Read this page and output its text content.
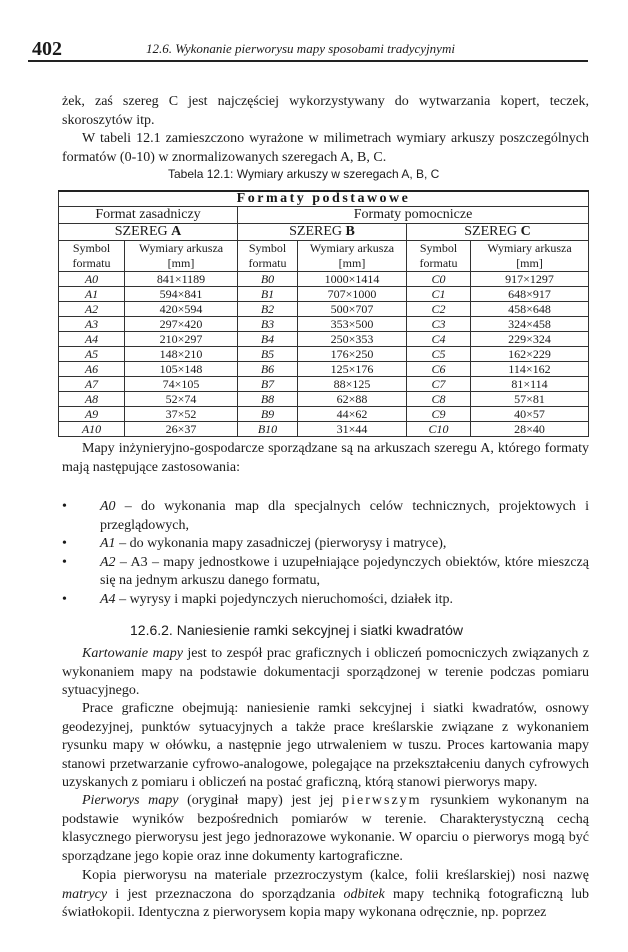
402	12.6. Wykonanie pierworysu mapy sposobami tradycyjnymi

żek, zaś szereg C jest najczęściej wykorzystywany do wytwarzania kopert, teczek, skoroszytów itp.

W tabeli 12.1 zamieszczono wyrażone w milimetrach wymiary arkuszy poszczególnych formatów (0-10) w znormalizowanych szeregach A, B, C.

Tabela 12.1: Wymiary arkuszy w szeregach A, B, C
Formaty podstawowe					
Format zasadniczy		Formaty pomocnicze			
SZEREG A		SZEREG B		SZEREG C	
Symbol formatu	Wymiary arkusza [mm]	Symbol formatu	Wymiary arkusza [mm]	Symbol formatu	Wymiary arkusza [mm]
A0	841×1189	B0	1000×1414	C0	917×1297
A1	594×841	B1	707×1000	C1	648×917
A2	420×594	B2	500×707	C2	458×648
A3	297×420	B3	353×500	C3	324×458
A4	210×297	B4	250×353	C4	229×324
A5	148×210	B5	176×250	C5	162×229
A6	105×148	B6	125×176	C6	114×162
A7	74×105	B7	88×125	C7	81×114
A8	52×74	B8	62×88	C8	57×81
A9	37×52	B9	44×62	C9	40×57
A10	26×37	B10	31×44	C10	28×40

Mapy inżynieryjno-gospodarcze sporządzane są na arkuszach szeregu A, którego formaty mają następujące zastosowania:

• A0 – do wykonania map dla specjalnych celów technicznych, projektowych i przeglądowych,
• A1 – do wykonania mapy zasadniczej (pierworysy i matryce),
• A2 – A3 – mapy jednostkowe i uzupełniające pojedynczych obiektów, które mieszczą się na jednym arkuszu danego formatu,
• A4 – wyrysy i mapki pojedynczych nieruchomości, działek itp.
12.6.2. Naniesienie ramki sekcyjnej i siatki kwadratów

Kartowanie mapy jest to zespół prac graficznych i obliczeń pomocniczych związanych z wykonaniem mapy na podstawie dokumentacji sporządzonej w terenie podczas pomiaru sytuacyjnego.

Prace graficzne obejmują: naniesienie ramki sekcyjnej i siatki kwadratów, osnowy geodezyjnej, punktów sytuacyjnych a także prace kreślarskie związane z wykonaniem rysunku mapy w ołówku, a następnie jego utrwaleniem w tuszu. Proces kartowania mapy stanowi przetwarzanie cyfrowo-analogowe, polegające na przekształceniu danych cyfrowych uzyskanych z pomiaru i obliczeń na postać graficzną, którą stanowi pierworys mapy.

Pierworys mapy (oryginał mapy) jest jej pierwszym rysunkiem wykonanym na podstawie wyników bezpośrednich pomiarów w terenie. Charakterystyczną cechą klasycznego pierworysu jest jego jednorazowe wykonanie. W oparciu o pierworys mogą być sporządzane jego kopie oraz inne dokumenty kartograficzne.

Kopia pierworysu na materiale przezroczystym (kalce, folii kreślarskiej) nosi nazwę matrycy i jest przeznaczona do sporządzania odbitek mapy techniką fotograficzną lub światłokopii. Identyczna z pierworysem kopia mapy wykonana odręcznie, np. poprzez
